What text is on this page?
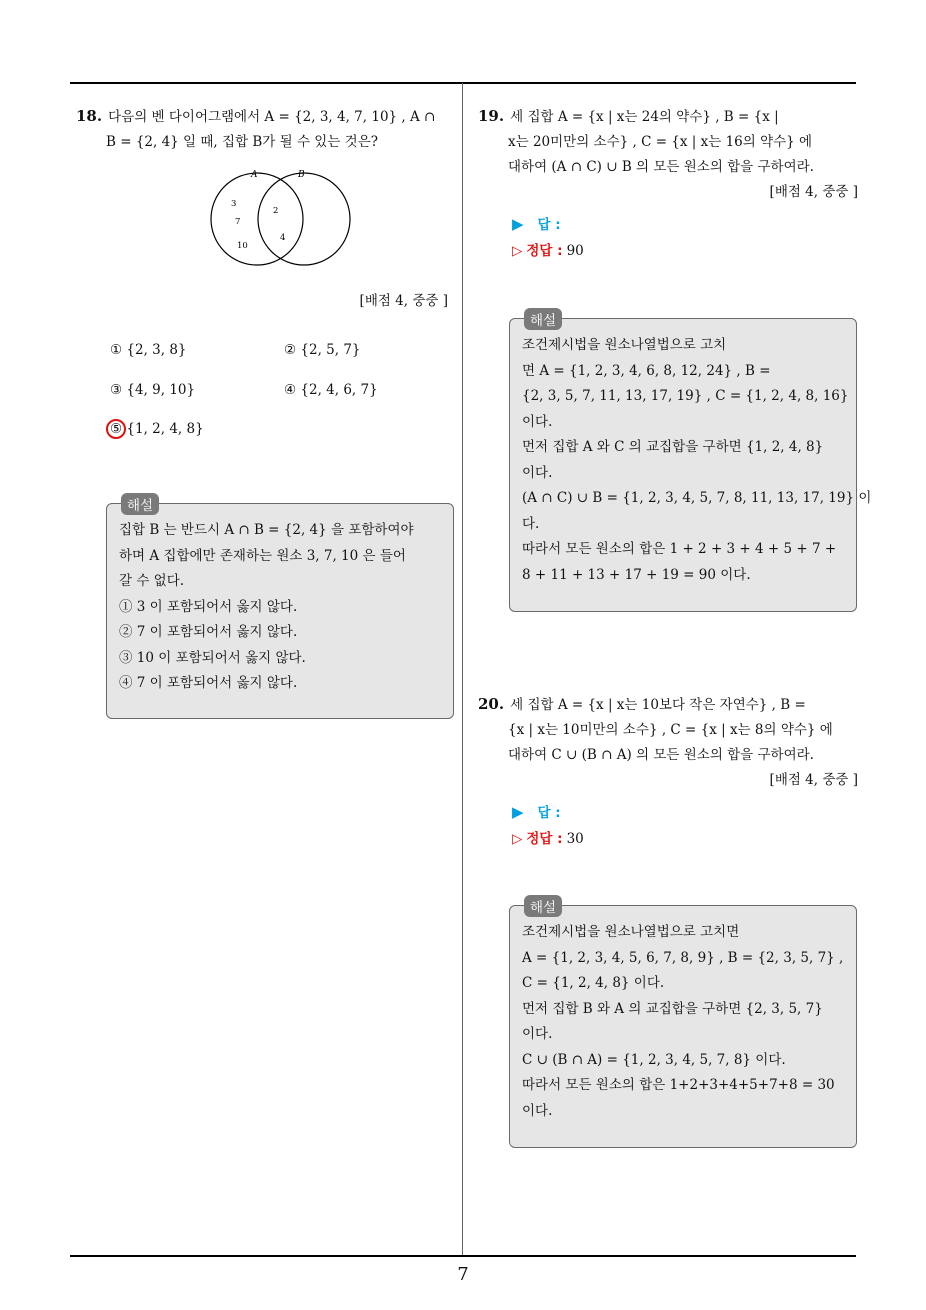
18. 다음의 벤 다이어그램에서 A = {2, 3, 4, 7, 10} , A ∩
B = {2, 4} 일 때, 집합 B가 될 수 있는 것은?
A	B
3
7
10
2
4
[배점 4, 중중 ]
① {2, 3, 8}	② {2, 5, 7}
③ {4, 9, 10}	④ {2, 4, 6, 7}
⑤ {1, 2, 4, 8}
해설
집합 B 는 반드시 A ∩ B = {2, 4} 을 포함하여야
하며 A 집합에만 존재하는 원소 3, 7, 10 은 들어
갈 수 없다.
① 3 이 포함되어서 옳지 않다.
② 7 이 포함되어서 옳지 않다.
③ 10 이 포함되어서 옳지 않다.
④ 7 이 포함되어서 옳지 않다.
19. 세 집합 A = {x | x는 24의 약수} , B = {x |
x는 20미만의 소수} , C = {x | x는 16의 약수} 에
대하여 (A ∩ C) ∪ B 의 모든 원소의 합을 구하여라.
[배점 4, 중중 ]
▶ 답 :
▷ 정답 : 90
해설
조건제시법을 원소나열법으로 고치
면 A = {1, 2, 3, 4, 6, 8, 12, 24} , B =
{2, 3, 5, 7, 11, 13, 17, 19} , C = {1, 2, 4, 8, 16}
이다.
먼저 집합 A 와 C 의 교집합을 구하면 {1, 2, 4, 8}
이다.
(A ∩ C) ∪ B = {1, 2, 3, 4, 5, 7, 8, 11, 13, 17, 19} 이
다.
따라서 모든 원소의 합은 1 + 2 + 3 + 4 + 5 + 7 +
8 + 11 + 13 + 17 + 19 = 90 이다.
20. 세 집합 A = {x | x는 10보다 작은 자연수} , B =
{x | x는 10미만의 소수} , C = {x | x는 8의 약수} 에
대하여 C ∪ (B ∩ A) 의 모든 원소의 합을 구하여라.
[배점 4, 중중 ]
▶ 답 :
▷ 정답 : 30
해설
조건제시법을 원소나열법으로 고치면
A = {1, 2, 3, 4, 5, 6, 7, 8, 9} , B = {2, 3, 5, 7} ,
C = {1, 2, 4, 8} 이다.
먼저 집합 B 와 A 의 교집합을 구하면 {2, 3, 5, 7}
이다.
C ∪ (B ∩ A) = {1, 2, 3, 4, 5, 7, 8} 이다.
따라서 모든 원소의 합은 1+2+3+4+5+7+8 = 30
이다.
7
